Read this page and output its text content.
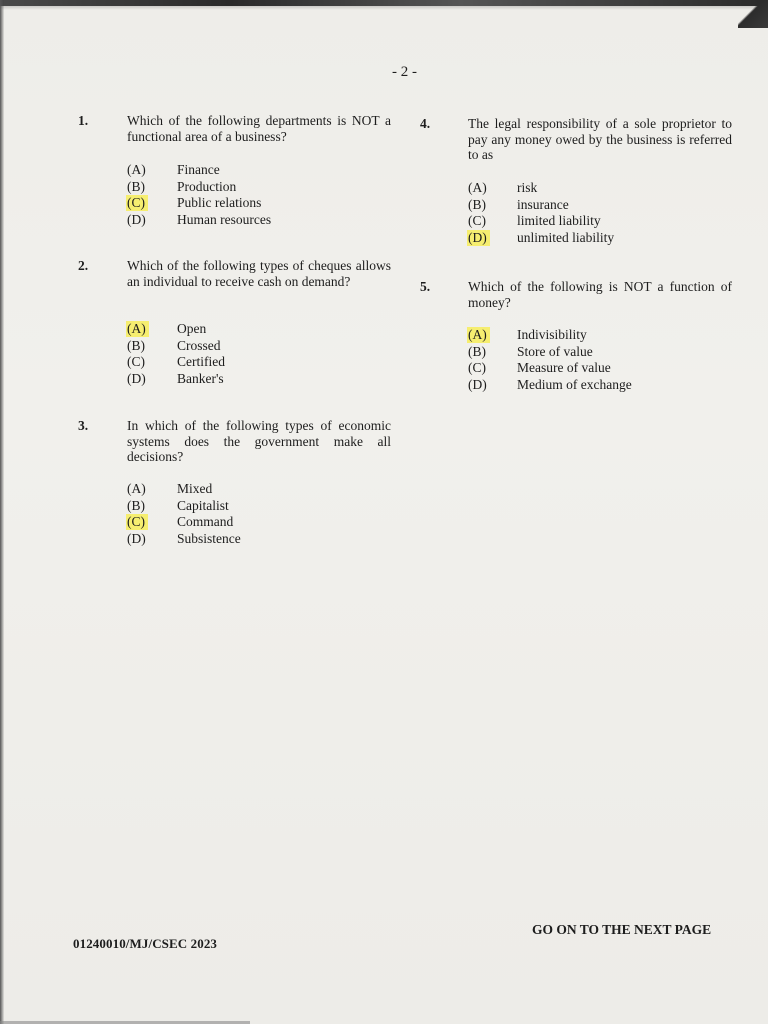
- 2 -
1.	Which of the following departments is NOT a functional area of a business?
(A) Finance
(B) Production
(C) Public relations
(D) Human resources
2.	Which of the following types of cheques allows an individual to receive cash on demand?
(A) Open
(B) Crossed
(C) Certified
(D) Banker's
3.	In which of the following types of economic systems does the government make all decisions?
(A) Mixed
(B) Capitalist
(C) Command
(D) Subsistence
4.	The legal responsibility of a sole proprietor to pay any money owed by the business is referred to as
(A) risk
(B) insurance
(C) limited liability
(D) unlimited liability
5.	Which of the following is NOT a function of money?
(A) Indivisibility
(B) Store of value
(C) Measure of value
(D) Medium of exchange
GO ON TO THE NEXT PAGE
01240010/MJ/CSEC 2023
